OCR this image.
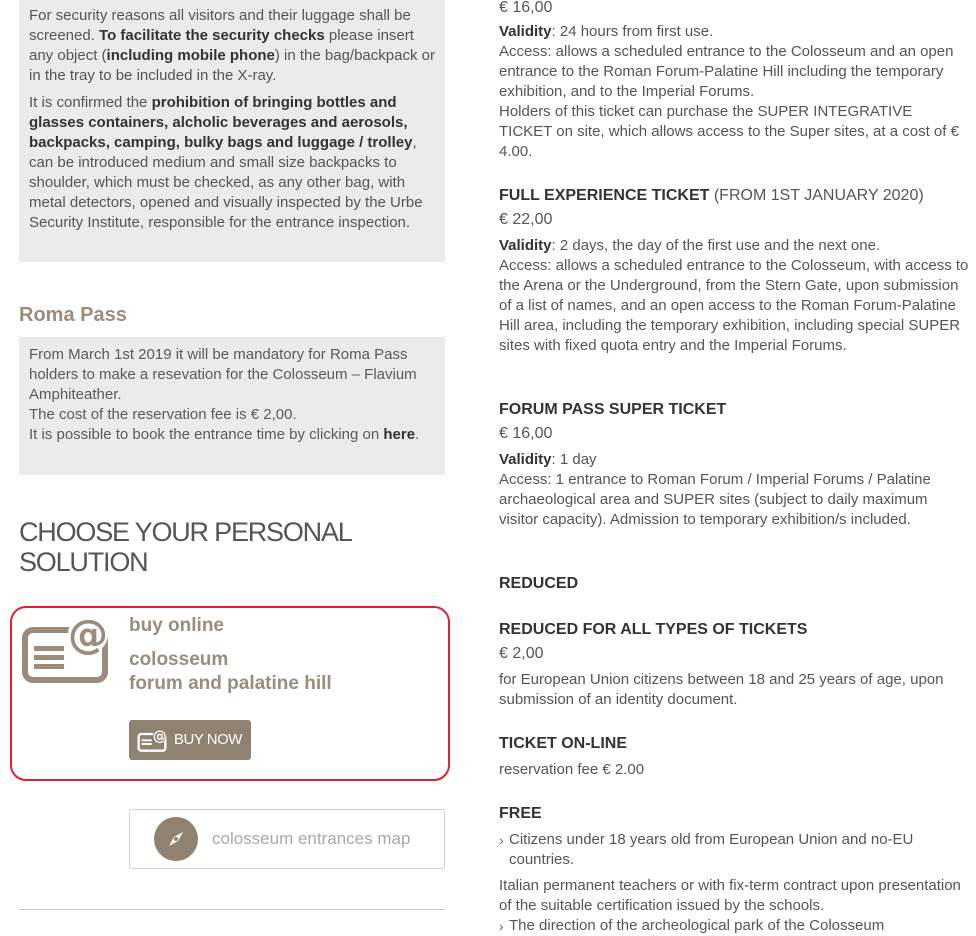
For security reasons all visitors and their luggage shall be screened. To facilitate the security checks please insert any object (including mobile phone) in the bag/backpack or in the tray to be included in the X-ray.

It is confirmed the prohibition of bringing bottles and glasses containers, alcholic beverages and aerosols, backpacks, camping, bulky bags and luggage / trolley, can be introduced medium and small size backpacks to shoulder, which must be checked, as any other bag, with metal detectors, opened and visually inspected by the Urbe Security Institute, responsible for the entrance inspection.

Roma Pass
From March 1st 2019 it will be mandatory for Roma Pass holders to make a resevation for the Colosseum – Flavium Amphiteather.
The cost of the reservation fee is € 2,00.
It is possible to book the entrance time by clicking on here.
CHOOSE YOUR PERSONAL
SOLUTION
@ buy online
colosseum
forum and palatine hill
@ BUY NOW
colosseum entrances map
€ 16,00
Validity: 24 hours from first use.
Access: allows a scheduled entrance to the Colosseum and an open entrance to the Roman Forum-Palatine Hill including the temporary exhibition, and to the Imperial Forums.
Holders of this ticket can purchase the SUPER INTEGRATIVE TICKET on site, which allows access to the Super sites, at a cost of € 4.00.
FULL EXPERIENCE TICKET (FROM 1ST JANUARY 2020)
€ 22,00
Validity: 2 days, the day of the first use and the next one.
Access: allows a scheduled entrance to the Colosseum, with access to the Arena or the Underground, from the Stern Gate, upon submission of a list of names, and an open access to the Roman Forum-Palatine Hill area, including the temporary exhibition, including special SUPER sites with fixed quota entry and the Imperial Forums.
FORUM PASS SUPER TICKET
€ 16,00
Validity: 1 day
Access: 1 entrance to Roman Forum / Imperial Forums / Palatine archaeological area and SUPER sites (subject to daily maximum visitor capacity). Admission to temporary exhibition/s included.
REDUCED
REDUCED FOR ALL TYPES OF TICKETS
€ 2,00
for European Union citizens between 18 and 25 years of age, upon submission of an identity document.
TICKET ON-LINE
reservation fee € 2.00
FREE
› Citizens under 18 years old from European Union and no-EU countries.
Italian permanent teachers or with fix-term contract upon presentation of the suitable certification issued by the schools.
› The direction of the archeological park of the Colosseum
